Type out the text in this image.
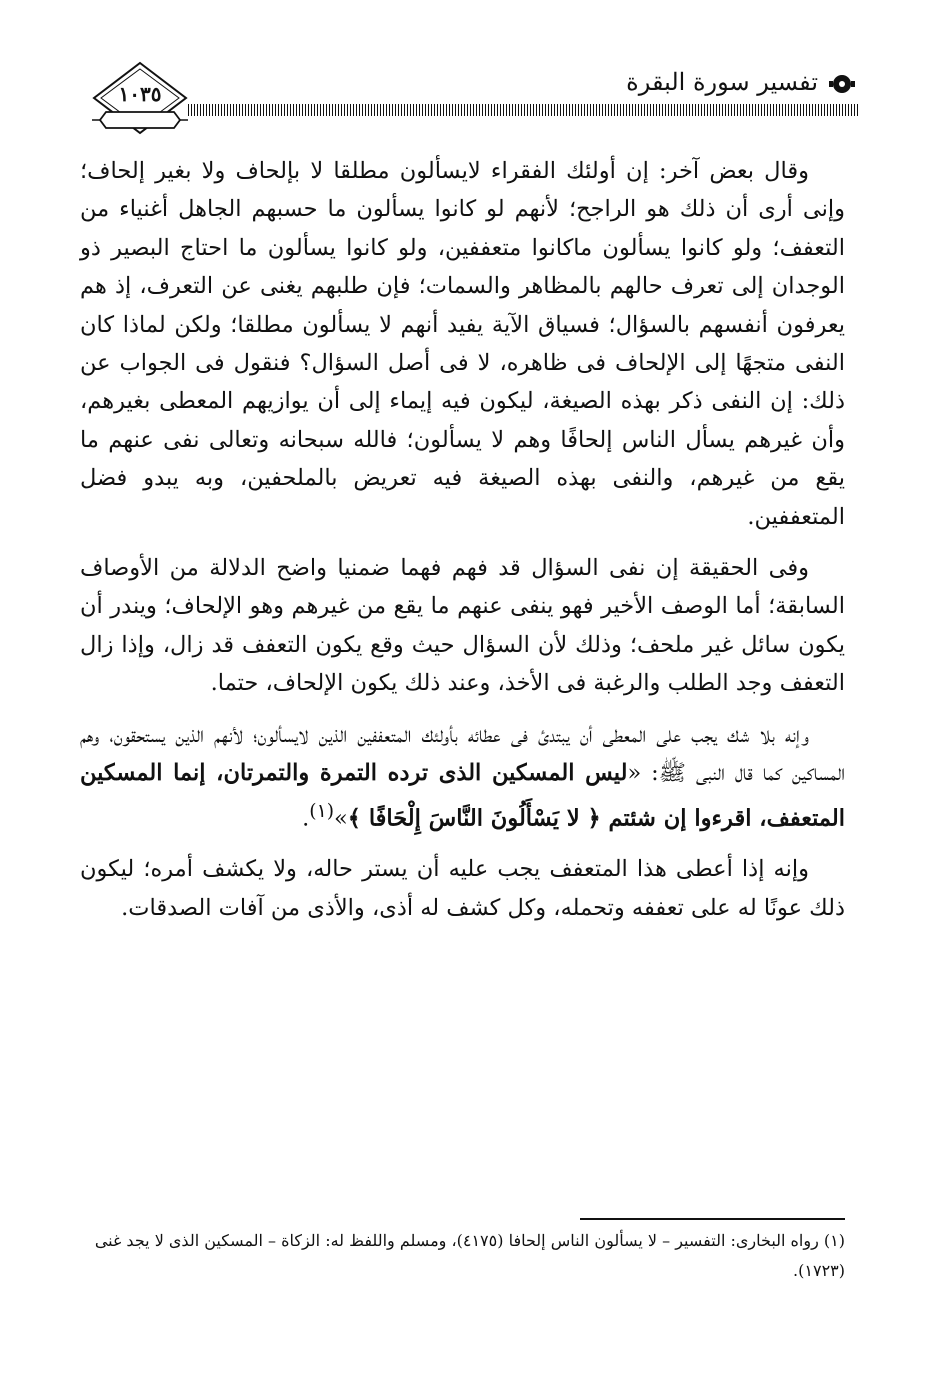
١٠٣٥	تفسير سورة البقرة

وقال بعض آخر: إن أولئك الفقراء لايسألون مطلقا لا بإلحاف ولا بغير إلحاف؛ وإنى أرى أن ذلك هو الراجح؛ لأنهم لو كانوا يسألون ما حسبهم الجاهل أغنياء من التعفف؛ ولو كانوا يسألون ماكانوا متعففين، ولو كانوا يسألون ما احتاج البصير ذو الوجدان إلى تعرف حالهم بالمظاهر والسمات؛ فإن طلبهم يغنى عن التعرف، إذ هم يعرفون أنفسهم بالسؤال؛ فسياق الآية يفيد أنهم لا يسألون مطلقا؛ ولكن لماذا كان النفى متجهًا إلى الإلحاف فى ظاهره، لا فى أصل السؤال؟ فنقول فى الجواب عن ذلك: إن النفى ذكر بهذه الصيغة، ليكون فيه إيماء إلى أن يوازيهم المعطى بغيرهم، وأن غيرهم يسأل الناس إلحافًا وهم لا يسألون؛ فالله سبحانه وتعالى نفى عنهم ما يقع من غيرهم، والنفى بهذه الصيغة فيه تعريض بالملحفين، وبه يبدو فضل المتعففين.

وفى الحقيقة إن نفى السؤال قد فهم فهما ضمنيا واضح الدلالة من الأوصاف السابقة؛ أما الوصف الأخير فهو ينفى عنهم ما يقع من غيرهم وهو الإلحاف؛ ويندر أن يكون سائل غير ملحف؛ وذلك لأن السؤال حيث وقع يكون التعفف قد زال، وإذا زال التعفف وجد الطلب والرغبة فى الأخذ، وعند ذلك يكون الإلحاف، حتما.

وإنه بلا شك يجب على المعطى أن يبتدئ فى عطائه بأولئك المتعففين الذين لايسألون؛ لأنهم الذين يستحقون، وهم المساكين كما قال النبى ﷺ: «ليس المسكين الذى ترده التمرة والتمرتان، إنما المسكين المتعفف، اقرءوا إن شئتم ﴿ لا يَسْأَلُونَ النَّاسَ إِلْحَافًا ﴾»$^{(١)}$.

وإنه إذا أعطى هذا المتعفف يجب عليه أن يستر حاله، ولا يكشف أمره؛ ليكون ذلك عونًا له على تعففه وتحمله، وكل كشف له أذى، والأذى من آفات الصدقات.

(١) رواه البخارى: التفسير – لا يسألون الناس إلحافا (٤١٧٥)، ومسلم واللفظ له: الزكاة – المسكين الذى لا يجد غنى (١٧٢٣).
